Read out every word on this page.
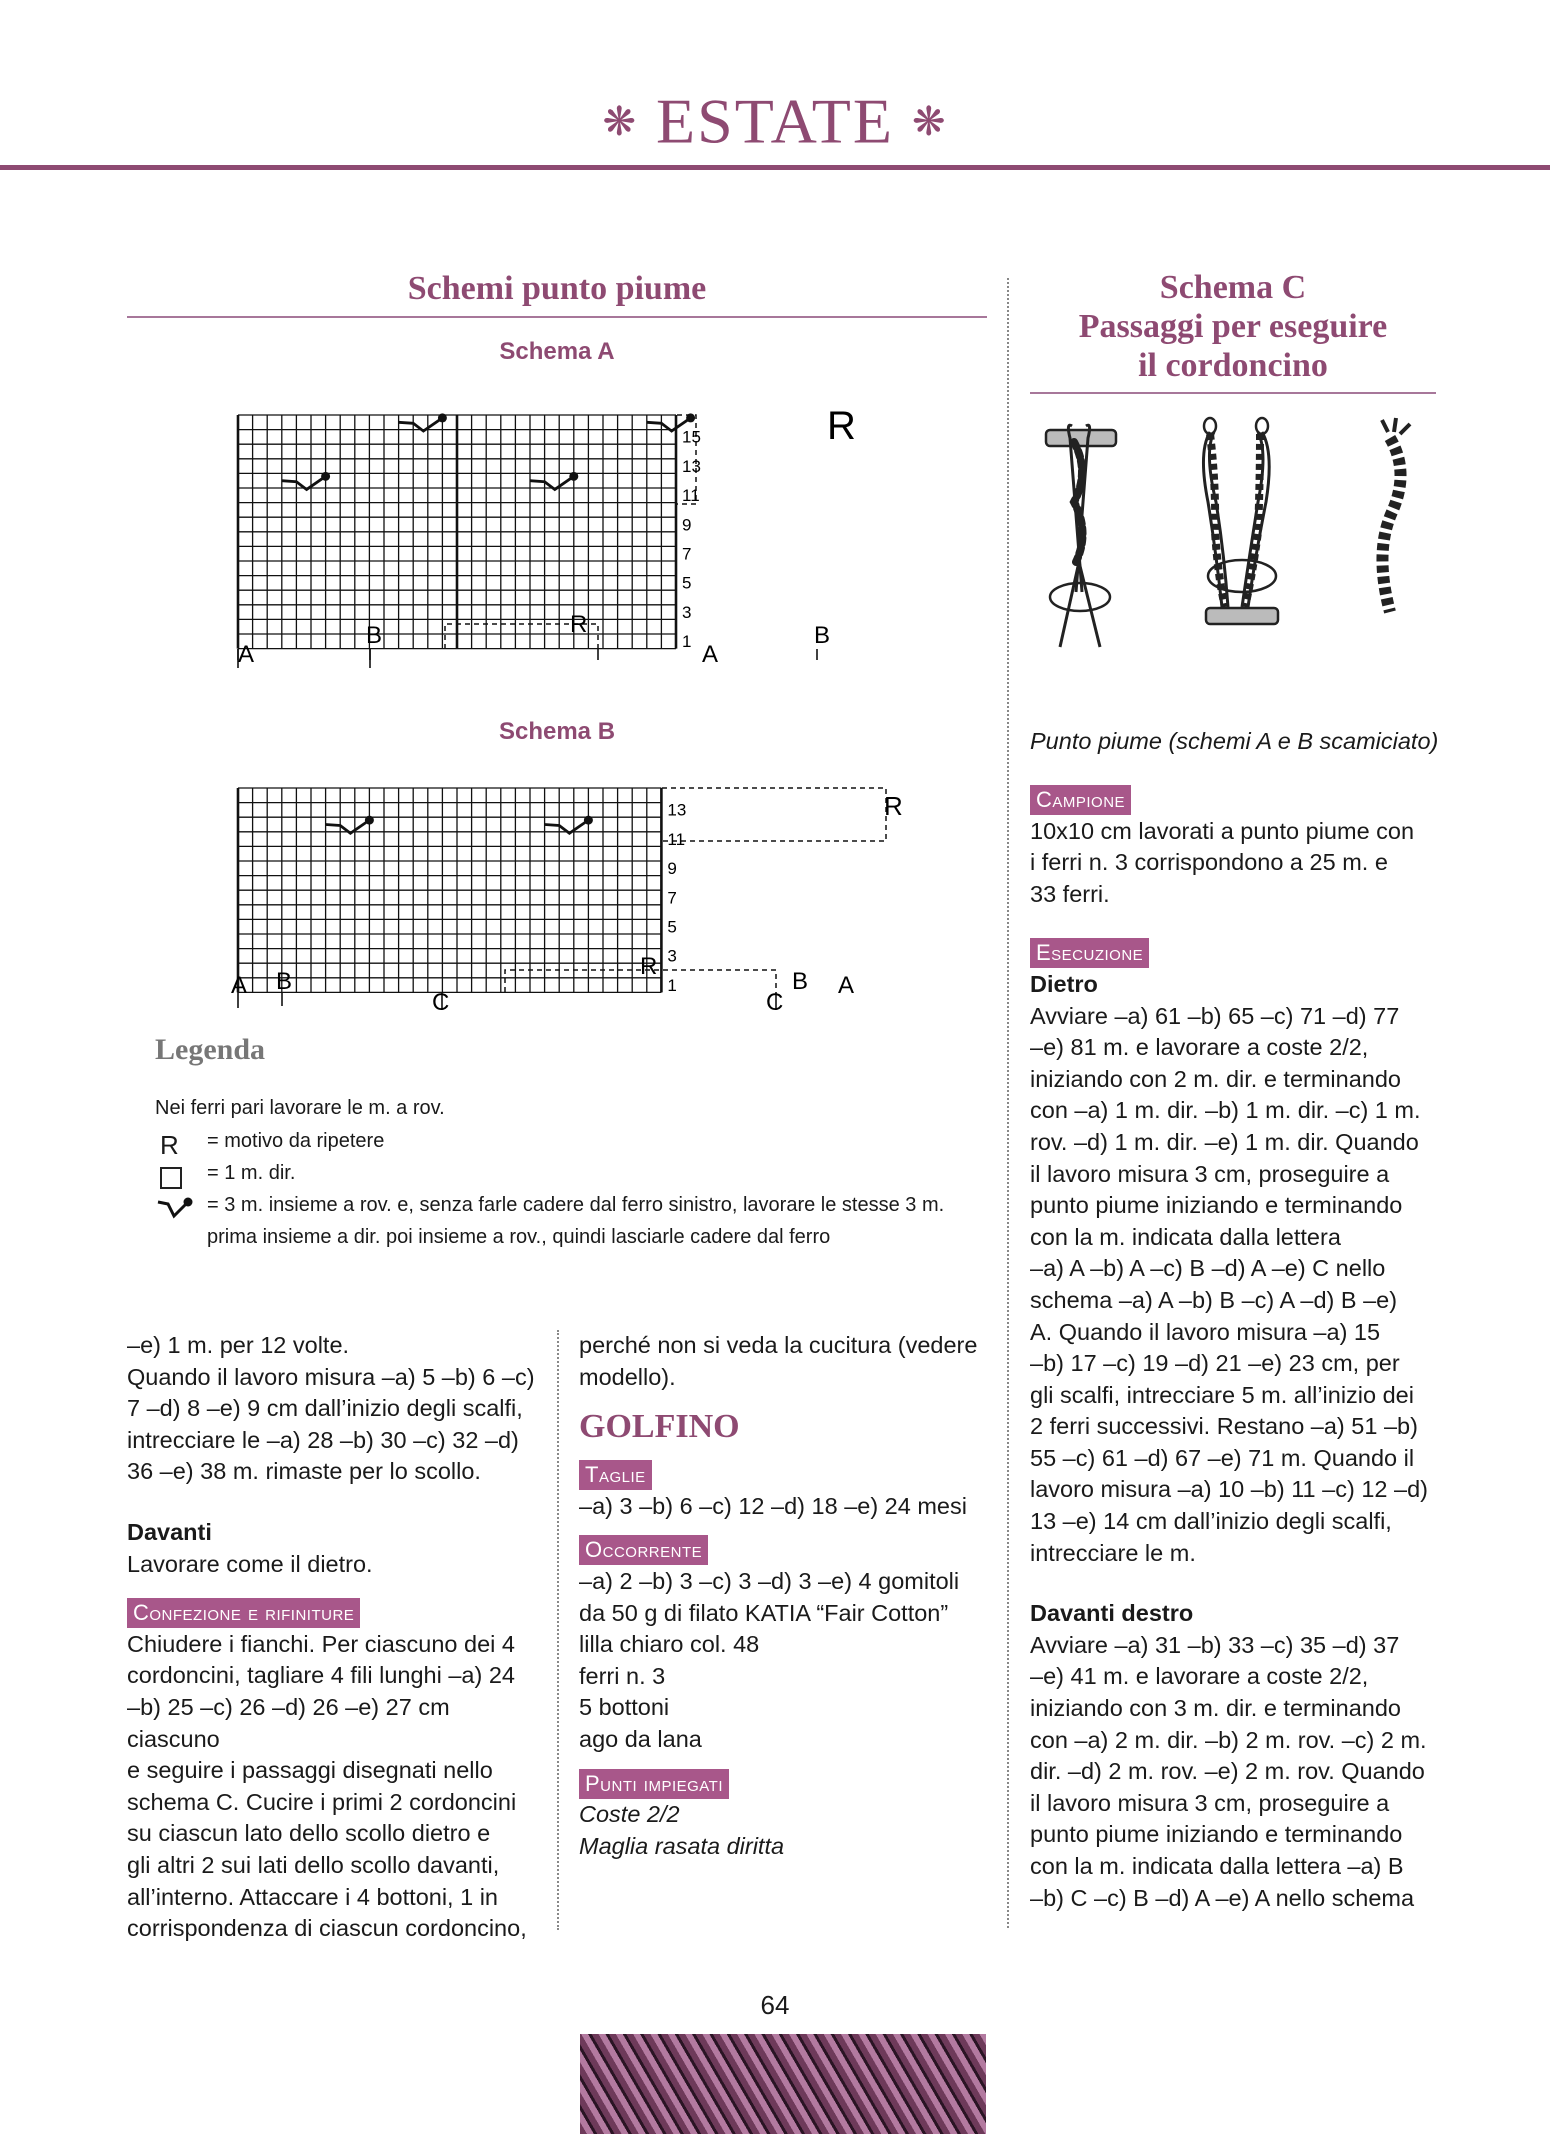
❋ ESTATE ❋
Schemi punto piume
Schema A
R
15
13
11
9
7
5
3
1
A
B	R
A
B
Schema B
R
13
11
9
7
5
3
1
A B
C
R
C
B A
Legenda
Nei ferri pari lavorare le m. a rov.
R = motivo da ripetere
= 1 m. dir.
= 3 m. insieme a rov. e, senza farle cadere dal ferro sinistro, lavorare le stesse 3 m.
prima insieme a dir. poi insieme a rov., quindi lasciarle cadere dal ferro
–e) 1 m. per 12 volte.
Quando il lavoro misura –a) 5 –b) 6 –c)
7 –d) 8 –e) 9 cm dall’inizio degli scalfi,
intrecciare le –a) 28 –b) 30 –c) 32 –d)
36 –e) 38 m. rimaste per lo scollo.
Davanti
Lavorare come il dietro.
Confezione e rifiniture
Chiudere i fianchi. Per ciascuno dei 4
cordoncini, tagliare 4 fili lunghi –a) 24
–b) 25 –c) 26 –d) 26 –e) 27 cm ciascuno
e seguire i passaggi disegnati nello
schema C. Cucire i primi 2 cordoncini
su ciascun lato dello scollo dietro e
gli altri 2 sui lati dello scollo davanti,
all’interno. Attaccare i 4 bottoni, 1 in
corrispondenza di ciascun cordoncino,
perché non si veda la cucitura (vedere
modello).
GOLFINO
Taglie
–a) 3 –b) 6 –c) 12 –d) 18 –e) 24 mesi
Occorrente
–a) 2 –b) 3 –c) 3 –d) 3 –e) 4 gomitoli
da 50 g di filato KATIA “Fair Cotton”
lilla chiaro col. 48
ferri n. 3
5 bottoni
ago da lana
Punti impiegati
Coste 2/2
Maglia rasata diritta
Schema C
Passaggi per eseguire
il cordoncino
Punto piume (schemi A e B scamiciato)
Campione
10x10 cm lavorati a punto piume con
i ferri n. 3 corrispondono a 25 m. e
33 ferri.
Esecuzione
Dietro
Avviare –a) 61 –b) 65 –c) 71 –d) 77
–e) 81 m. e lavorare a coste 2/2,
iniziando con 2 m. dir. e terminando
con –a) 1 m. dir. –b) 1 m. dir. –c) 1 m.
rov. –d) 1 m. dir. –e) 1 m. dir. Quando
il lavoro misura 3 cm, proseguire a
punto piume iniziando e terminando
con la m. indicata dalla lettera
–a) A –b) A –c) B –d) A –e) C nello
schema –a) A –b) B –c) A –d) B –e)
A. Quando il lavoro misura –a) 15
–b) 17 –c) 19 –d) 21 –e) 23 cm, per
gli scalfi, intrecciare 5 m. all’inizio dei
2 ferri successivi. Restano –a) 51 –b)
55 –c) 61 –d) 67 –e) 71 m. Quando il
lavoro misura –a) 10 –b) 11 –c) 12 –d)
13 –e) 14 cm dall’inizio degli scalfi,
intrecciare le m.
Davanti destro
Avviare –a) 31 –b) 33 –c) 35 –d) 37
–e) 41 m. e lavorare a coste 2/2,
iniziando con 3 m. dir. e terminando
con –a) 2 m. dir. –b) 2 m. rov. –c) 2 m.
dir. –d) 2 m. rov. –e) 2 m. rov. Quando
il lavoro misura 3 cm, proseguire a
punto piume iniziando e terminando
con la m. indicata dalla lettera –a) B
–b) C –c) B –d) A –e) A nello schema
64
